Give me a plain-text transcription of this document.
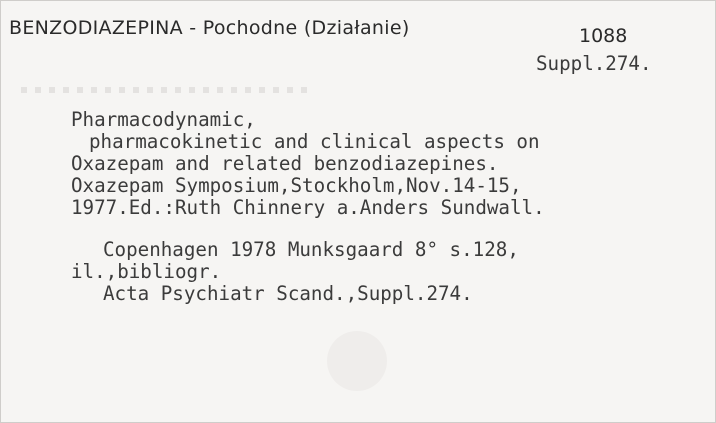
BENZODIAZEPINA - Pochodne (Działanie)	1088
Suppl.274.
Pharmacodynamic,
pharmacokinetic and clinical aspects on
Oxazepam and related benzodiazepines.
Oxazepam Symposium,Stockholm,Nov.14-15,
1977.Ed.:Ruth Chinnery a.Anders Sundwall.
Copenhagen 1978 Munksgaard 8° s.128,
il.,bibliogr.
Acta Psychiatr Scand.,Suppl.274.
